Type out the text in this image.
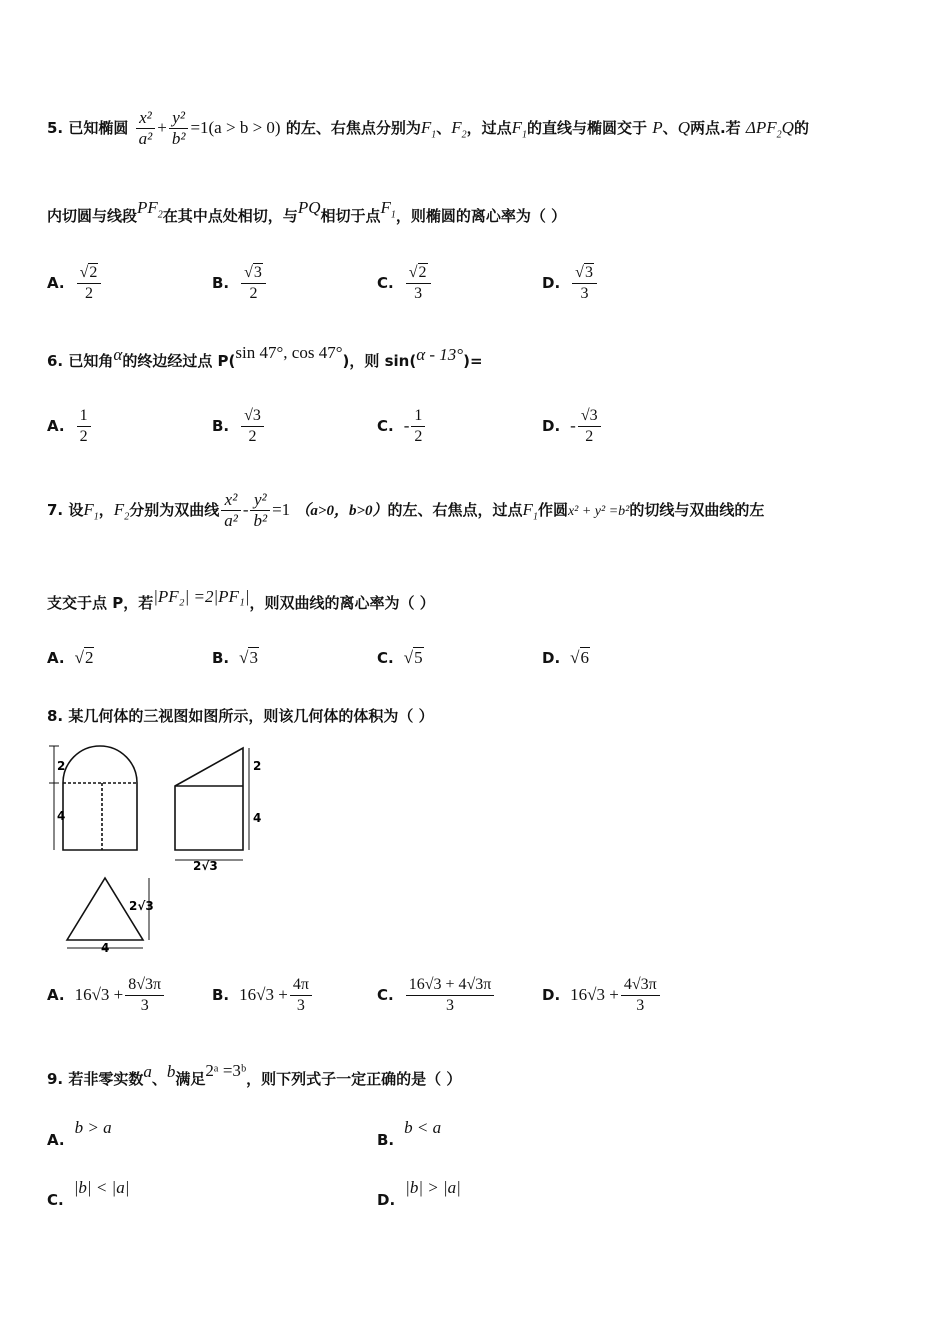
5. 已知椭圆 $\frac{\text{x²}}{\text{a²}} + \frac{\text{y²}}{\text{b²}} =1(a > b > 0)$ 的左、右焦点分别为$F_1$、$F_2$，过点$F_1$的直线与椭圆交于 P、Q两点.若 $\Delta PF_2Q$的
内切圆与线段$PF_2$在其中点处相切，与PQ相切于点$F_1$，则椭圆的离心率为（ ）
A. $\frac{√2}{2}$	B. $\frac{√3}{2}$	C. $\frac{√2}{3}$	D. $\frac{√3}{3}$
6. 已知角α的终边经过点 P(sin 47°, cos 47°)，则 sin(α - 13°)=
A. $\frac{1}{2}$	B. $\frac{√3}{2}$	C. - $\frac{1}{2}$	D. - $\frac{√3}{2}$
7. 设$F_1$，$F_2$分别为双曲线 $\frac{\text{x²}}{\text{a²}} - \frac{\text{y²}}{\text{b²}} =1$ （a>0，b>0）的左、右焦点，过点$F_1$作圆x² + y² =b²的切线与双曲线的左
支交于点 P，若|PF₂| =2|PF₁|，则双曲线的离心率为（ ）
A. √2	B. √3	C. √5	D. √6
8. 某几何体的三视图如图所示，则该几何体的体积为（ ）
2
4
2√3
2
4
2√3
4
A. $16√3 + \frac{8√3\pi}{3}$	B. $16√3 + \frac{4\pi}{3}$	C. $\frac{16√3 + 4√3\pi}{3}$	D. $16√3 + \frac{4√3\pi}{3}$
9. 若非零实数a、b满足2ᵃ =3ᵇ，则下列式子一定正确的是（ ）
A.b > a
B.b < a
C.|b| < |a|
D.|b| > |a|
